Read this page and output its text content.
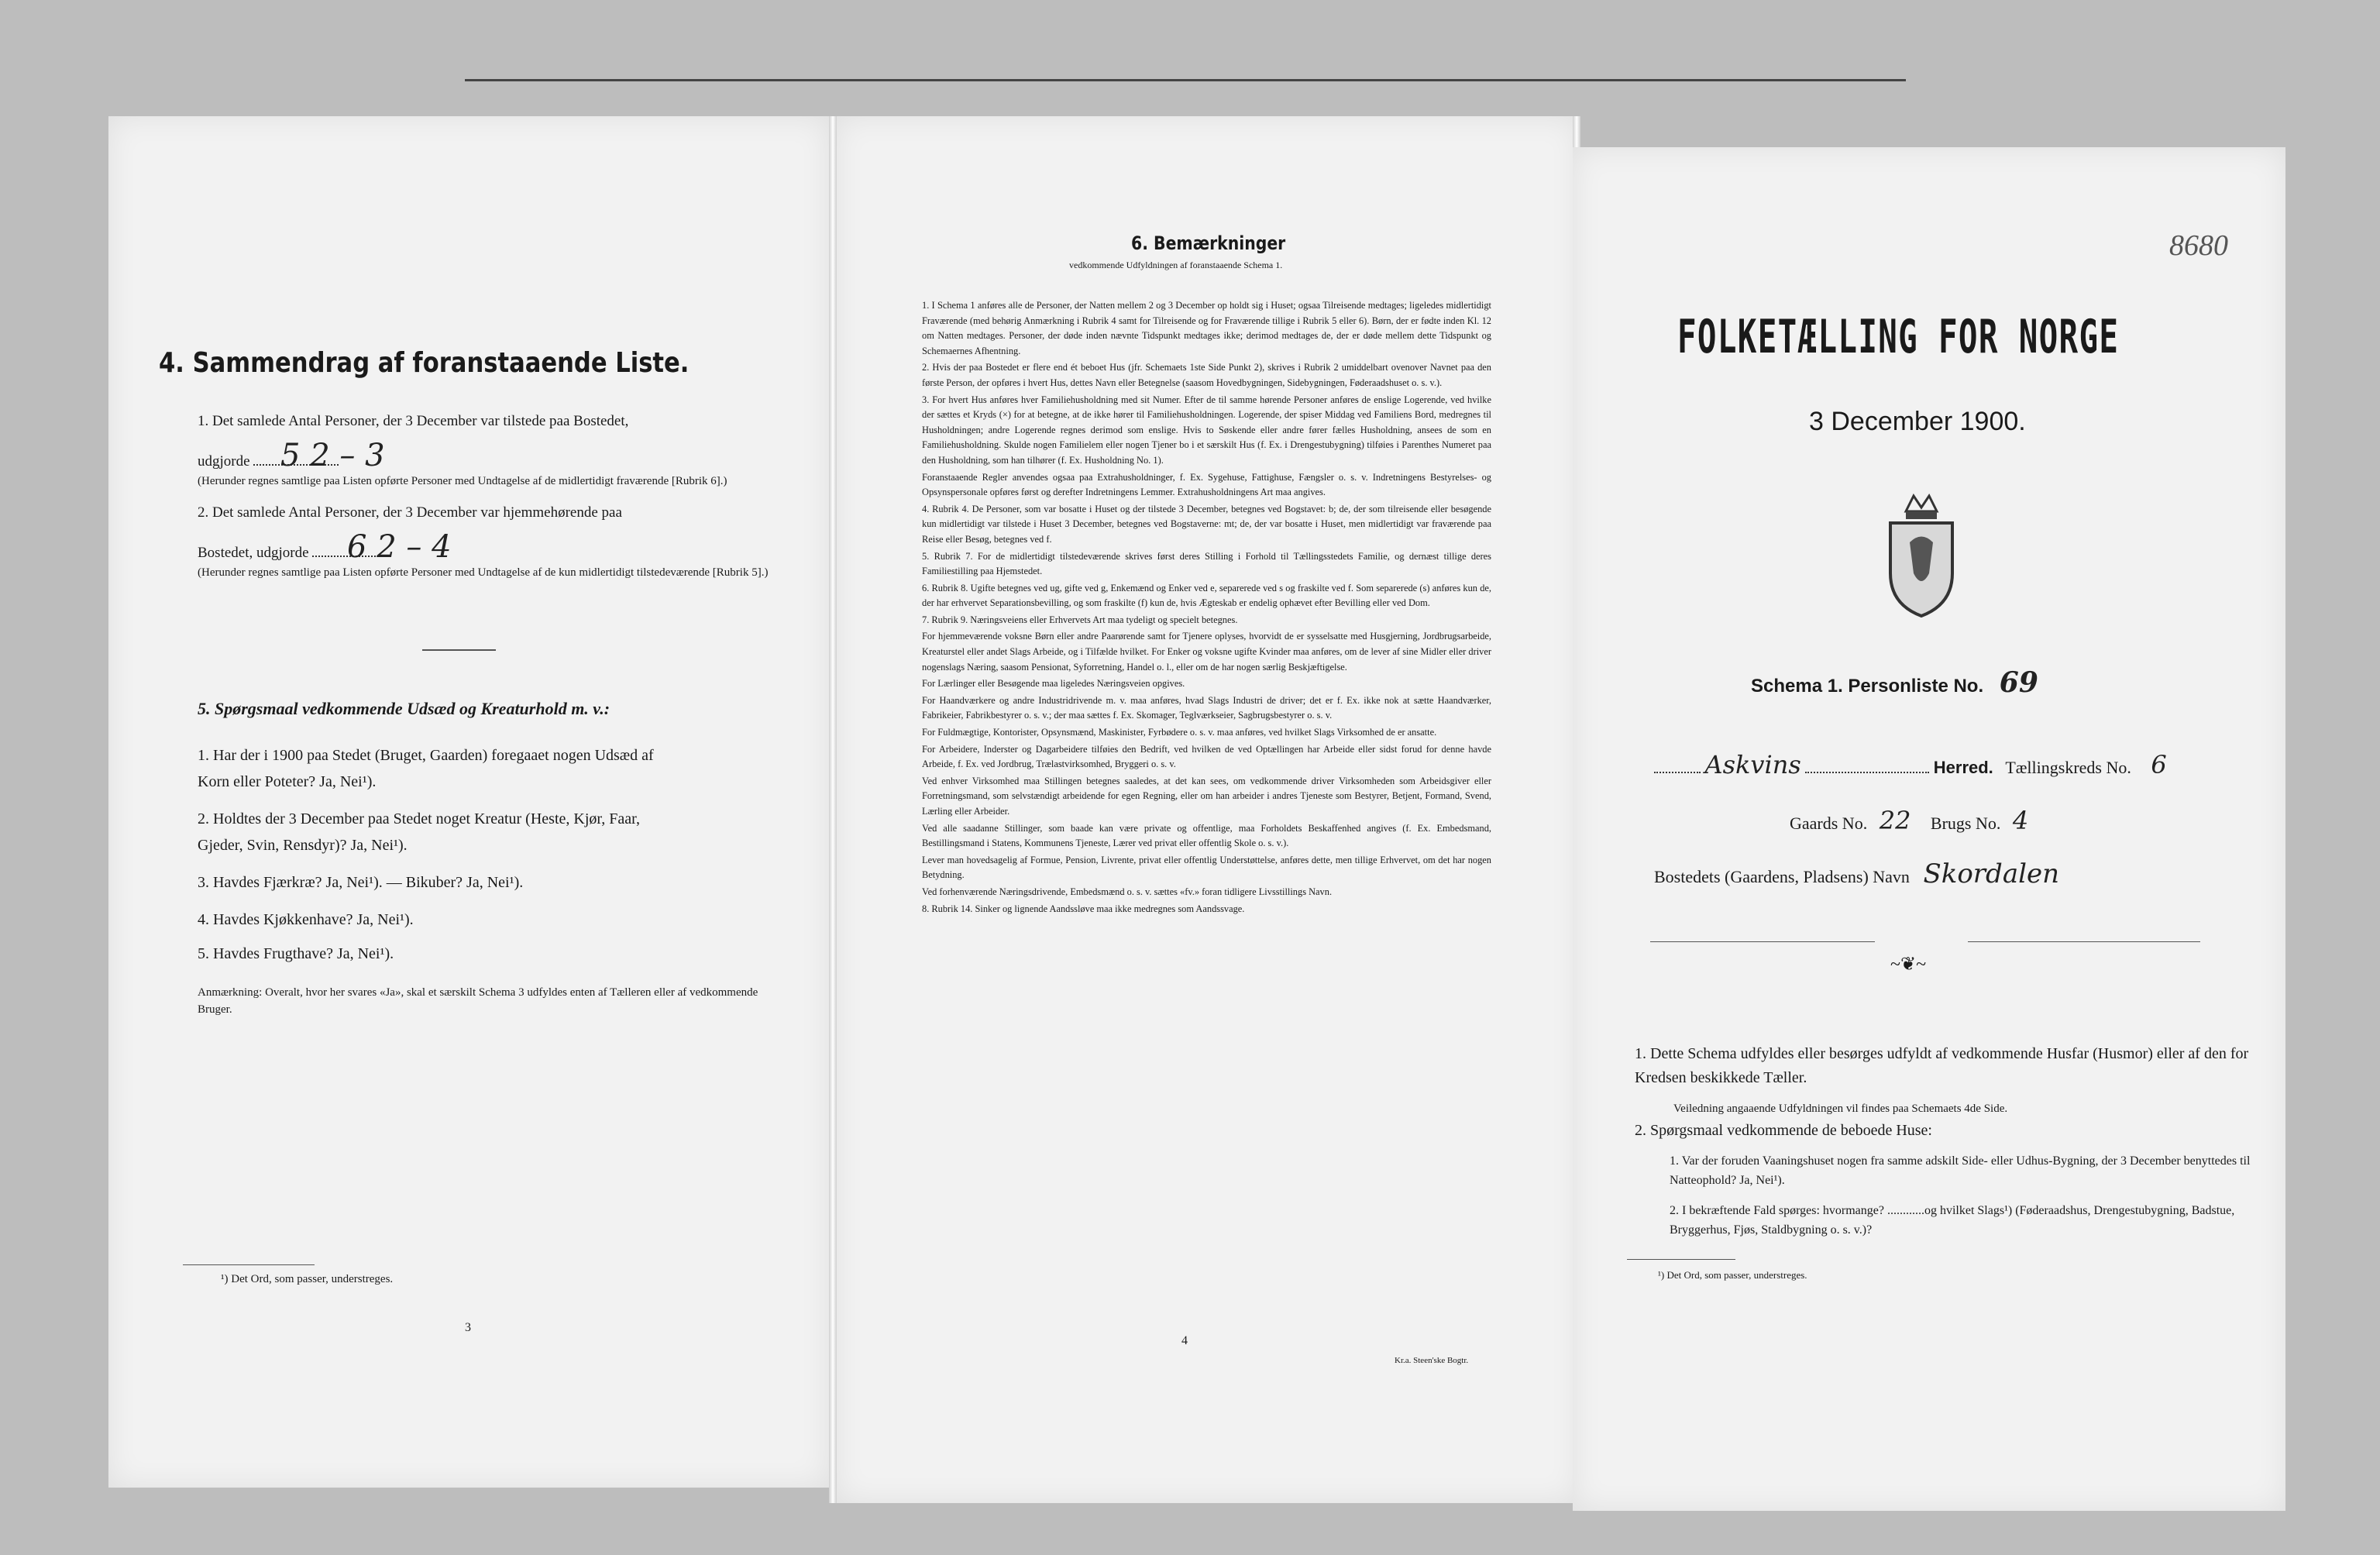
4. Sammendrag af foranstaaende Liste.
1. Det samlede Antal Personer, der 3 December var tilstede paa Bostedet,
udgjorde 5 2 – 3
(Herunder regnes samtlige paa Listen opførte Personer med Undtagelse af de midlertidigt fraværende [Rubrik 6].)
2. Det samlede Antal Personer, der 3 December var hjemmehørende paa
Bostedet, udgjorde 6 2 – 4
(Herunder regnes samtlige paa Listen opførte Personer med Undtagelse af de kun midlertidigt tilstedeværende [Rubrik 5].)
5. Spørgsmaal vedkommende Udsæd og Kreaturhold m. v.:
1. Har der i 1900 paa Stedet (Bruget, Gaarden) foregaaet nogen Udsæd af
Korn eller Poteter? Ja, Nei¹).
2. Holdtes der 3 December paa Stedet noget Kreatur (Heste, Kjør, Faar,
Gjeder, Svin, Rensdyr)? Ja, Nei¹).
3. Havdes Fjærkræ? Ja, Nei¹). — Bikuber? Ja, Nei¹).
4. Havdes Kjøkkenhave? Ja, Nei¹).
5. Havdes Frugthave? Ja, Nei¹).
Anmærkning: Overalt, hvor her svares «Ja», skal et særskilt Schema 3 udfyldes enten af Tælleren eller af vedkommende Bruger.
¹) Det Ord, som passer, understreges.
3
6. Bemærkninger
vedkommende Udfyldningen af foranstaaende Schema 1.

1. I Schema 1 anføres alle de Personer, der Natten mellem 2 og 3 December op holdt sig i Huset; ogsaa Tilreisende medtages; ligeledes midlertidigt Fraværende (med behørig Anmærkning i Rubrik 4 samt for Tilreisende og for Fraværende tillige i Rubrik 5 eller 6). Børn, der er fødte inden Kl. 12 om Natten medtages. Personer, der døde inden nævnte Tidspunkt medtages ikke; derimod medtages de, der er døde mellem dette Tidspunkt og Schemaernes Afhentning.

2. Hvis der paa Bostedet er flere end ét beboet Hus (jfr. Schemaets 1ste Side Punkt 2), skrives i Rubrik 2 umiddelbart ovenover Navnet paa den første Person, der opføres i hvert Hus, dettes Navn eller Betegnelse (saasom Hovedbygningen, Sidebygningen, Føderaadshuset o. s. v.).

3. For hvert Hus anføres hver Familiehusholdning med sit Numer. Efter de til samme hørende Personer anføres de enslige Logerende, ved hvilke der sættes et Kryds (×) for at betegne, at de ikke hører til Familiehusholdningen. Logerende, der spiser Middag ved Familiens Bord, medregnes til Husholdningen; andre Logerende regnes derimod som enslige. Hvis to Søskende eller andre fører fælles Husholdning, ansees de som en Familiehusholdning. Skulde nogen Familielem eller nogen Tjener bo i et særskilt Hus (f. Ex. i Drengestubygning) tilføies i Parenthes Numeret paa den Husholdning, som han tilhører (f. Ex. Husholdning No. 1).

Foranstaaende Regler anvendes ogsaa paa Extrahusholdninger, f. Ex. Sygehuse, Fattighuse, Fængsler o. s. v. Indretningens Bestyrelses- og Opsynspersonale opføres først og derefter Indretningens Lemmer. Extrahusholdningens Art maa angives.

4. Rubrik 4. De Personer, som var bosatte i Huset og der tilstede 3 December, betegnes ved Bogstavet: b; de, der som tilreisende eller besøgende kun midlertidigt var tilstede i Huset 3 December, betegnes ved Bogstaverne: mt; de, der var bosatte i Huset, men midlertidigt var fraværende paa Reise eller Besøg, betegnes ved f.

5. Rubrik 7. For de midlertidigt tilstedeværende skrives først deres Stilling i Forhold til Tællingsstedets Familie, og dernæst tillige deres Familiestilling paa Hjemstedet.

6. Rubrik 8. Ugifte betegnes ved ug, gifte ved g, Enkemænd og Enker ved e, separerede ved s og fraskilte ved f. Som separerede (s) anføres kun de, der har erhvervet Separationsbevilling, og som fraskilte (f) kun de, hvis Ægteskab er endelig ophævet efter Bevilling eller ved Dom.

7. Rubrik 9. Næringsveiens eller Erhvervets Art maa tydeligt og specielt betegnes.

For hjemmeværende voksne Børn eller andre Paarørende samt for Tjenere oplyses, hvorvidt de er sysselsatte med Husgjerning, Jordbrugsarbeide, Kreaturstel eller andet Slags Arbeide, og i Tilfælde hvilket. For Enker og voksne ugifte Kvinder maa anføres, om de lever af sine Midler eller driver nogenslags Næring, saasom Pensionat, Syforretning, Handel o. l., eller om de har nogen særlig Beskjæftigelse.

For Lærlinger eller Besøgende maa ligeledes Næringsveien opgives.

For Haandværkere og andre Industridrivende m. v. maa anføres, hvad Slags Industri de driver; det er f. Ex. ikke nok at sætte Haandværker, Fabrikeier, Fabrikbestyrer o. s. v.; der maa sættes f. Ex. Skomager, Teglværkseier, Sagbrugsbestyrer o. s. v.

For Fuldmægtige, Kontorister, Opsynsmænd, Maskinister, Fyrbødere o. s. v. maa anføres, ved hvilket Slags Virksomhed de er ansatte.

For Arbeidere, Inderster og Dagarbeidere tilføies den Bedrift, ved hvilken de ved Optællingen har Arbeide eller sidst forud for denne havde Arbeide, f. Ex. ved Jordbrug, Trælastvirksomhed, Bryggeri o. s. v.

Ved enhver Virksomhed maa Stillingen betegnes saaledes, at det kan sees, om vedkommende driver Virksomheden som Arbeidsgiver eller Forretningsmand, som selvstændigt arbeidende for egen Regning, eller om han arbeider i andres Tjeneste som Bestyrer, Betjent, Formand, Svend, Lærling eller Arbeider.

Ved alle saadanne Stillinger, som baade kan være private og offentlige, maa Forholdets Beskaffenhed angives (f. Ex. Embedsmand, Bestillingsmand i Statens, Kommunens Tjeneste, Lærer ved privat eller offentlig Skole o. s. v.).

Lever man hovedsagelig af Formue, Pension, Livrente, privat eller offentlig Understøttelse, anføres dette, men tillige Erhvervet, om det har nogen Betydning.

Ved forhenværende Næringsdrivende, Embedsmænd o. s. v. sættes «fv.» foran tidligere Livsstillings Navn.

8. Rubrik 14. Sinker og lignende Aandssløve maa ikke medregnes som Aandssvage.

4
Kr.a. Steen'ske Bogtr.
8680
FOLKETÆLLING FOR NORGE
3 December 1900.
Schema 1. Personliste No. 69
Askvins	Herred. Tællingskreds No. 6
Gaards No. 22 Brugs No. 4
Bostedets (Gaardens, Pladsens) Navn Skordalen
~❦~
1. Dette Schema udfyldes eller besørges udfyldt af vedkommende Husfar (Husmor) eller af den for Kredsen beskikkede Tæller.
Veiledning angaaende Udfyldningen vil findes paa Schemaets 4de Side.
2. Spørgsmaal vedkommende de beboede Huse:
1. Var der foruden Vaaningshuset nogen fra samme adskilt Side- eller Udhus-Bygning, der 3 December benyttedes til Natteophold? Ja, Nei¹).
2. I bekræftende Fald spørges: hvormange? ............og hvilket Slags¹) (Føderaadshus, Drengestubygning, Badstue, Bryggerhus, Fjøs, Staldbygning o. s. v.)?
¹) Det Ord, som passer, understreges.
